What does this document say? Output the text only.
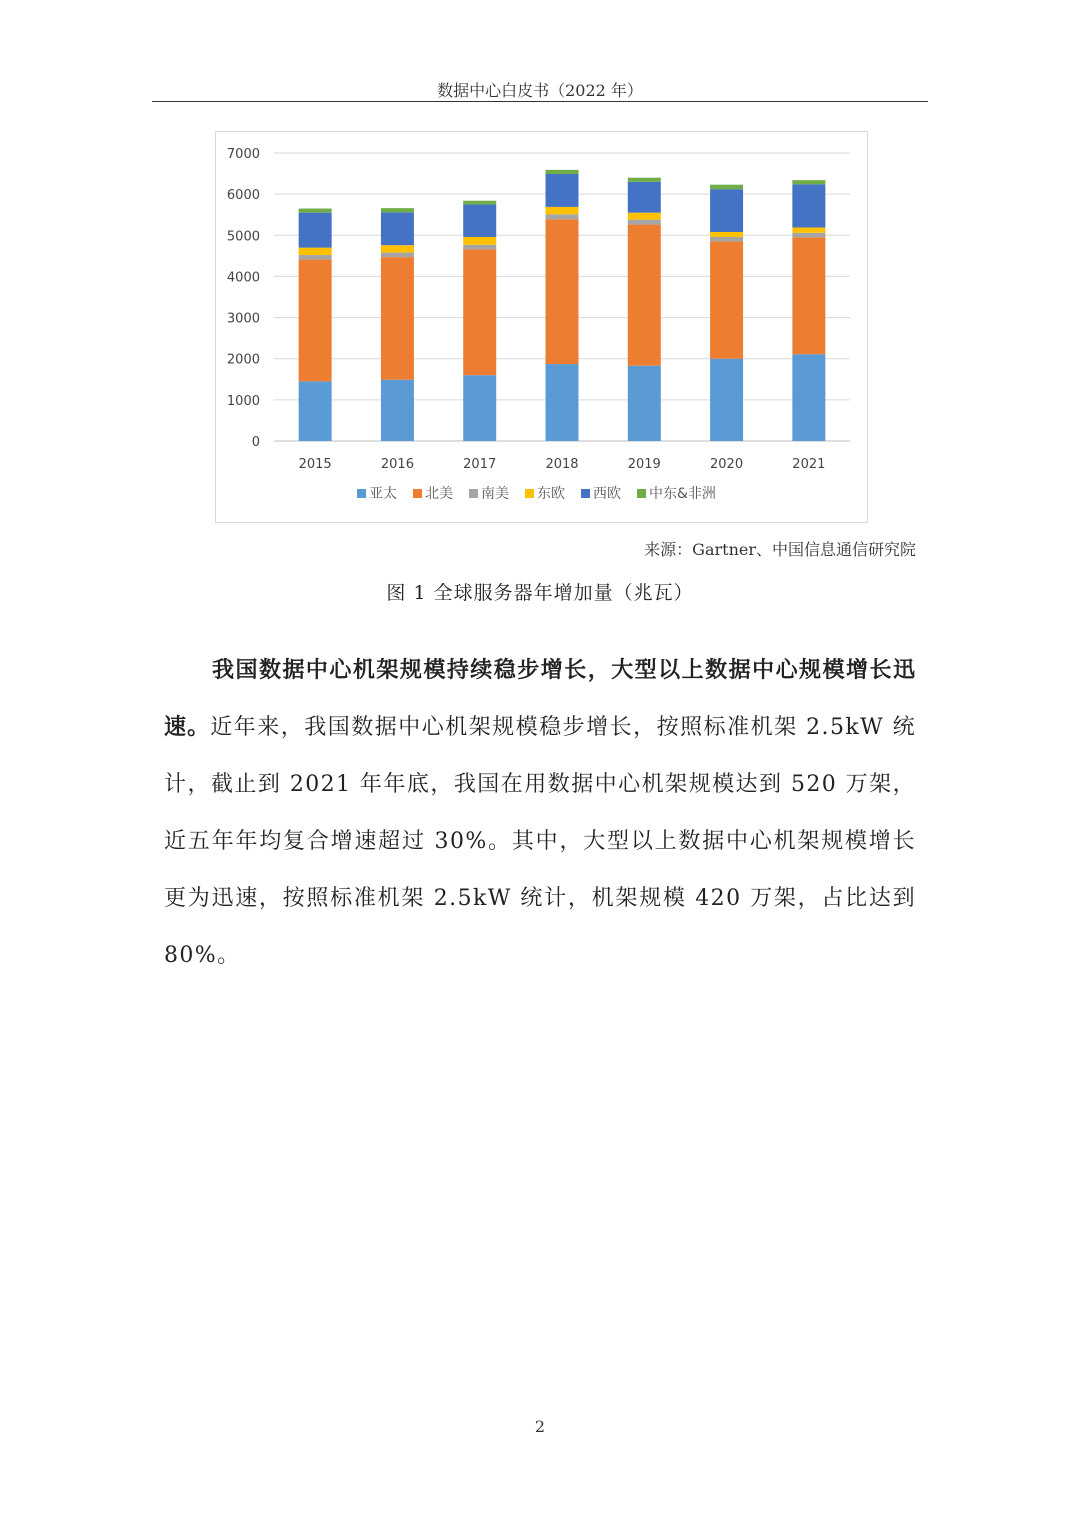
数据中心白皮书（2022 年）
0
1000
2000
3000
4000
5000
6000
7000
2015	2016	2017	2018	2019	2020	2021
亚太 北美 南美 东欧 西欧 中东&非洲
来源：Gartner、中国信息通信研究院
图 1 全球服务器年增加量（兆瓦）
我国数据中心机架规模持续稳步增长，大型以上数据中心规模增长迅速。近年来，我国数据中心机架规模稳步增长，按照标准机架 2.5kW 统计，截止到 2021 年年底，我国在用数据中心机架规模达到 520 万架，近五年年均复合增速超过 30%。其中，大型以上数据中心机架规模增长更为迅速，按照标准机架 2.5kW 统计，机架规模 420 万架，占比达到 80%。
2
